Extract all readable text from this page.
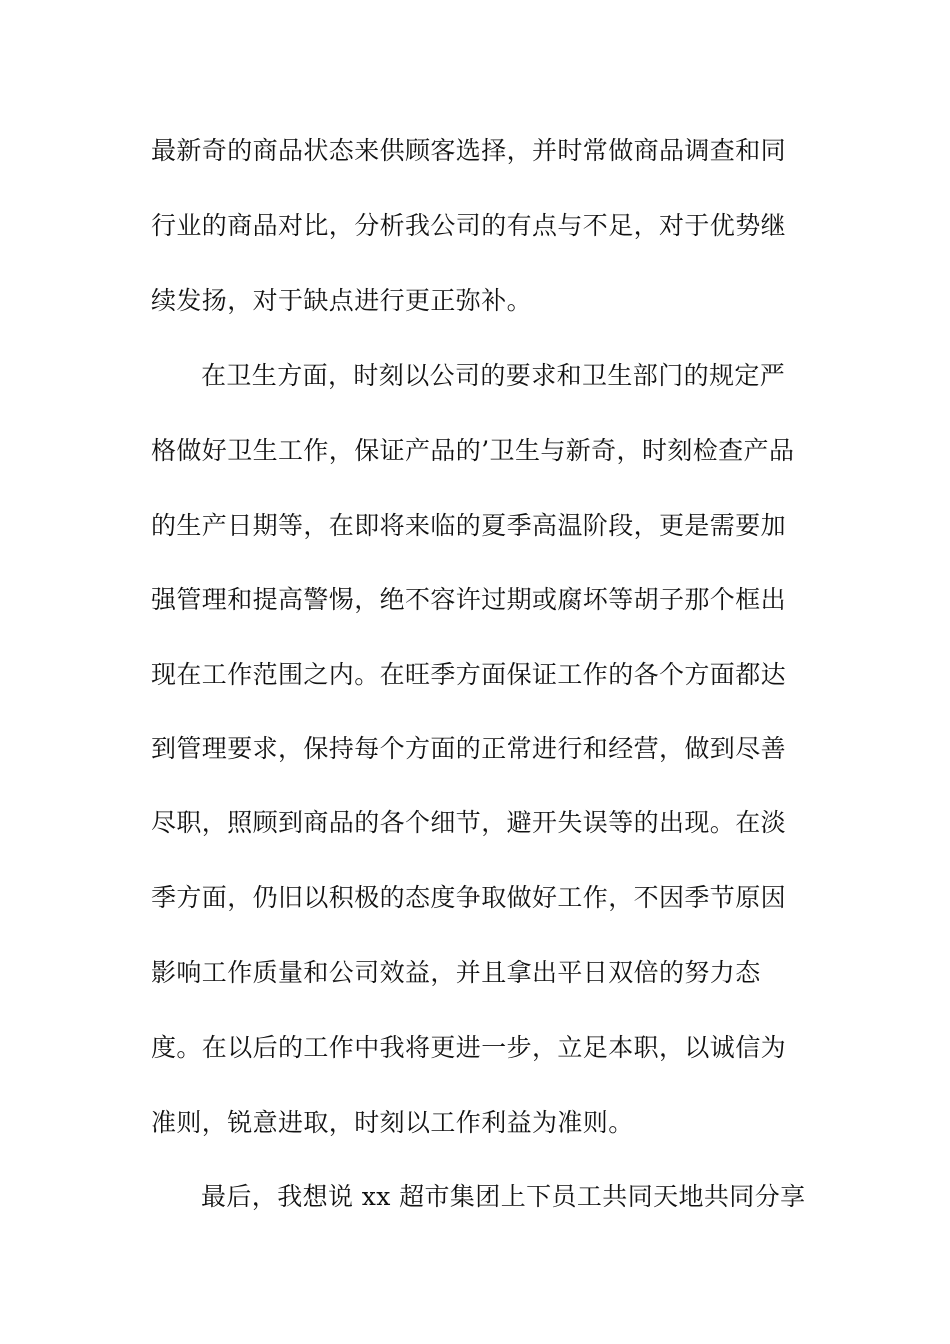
最新奇的商品状态来供顾客选择，并时常做商品调查和同
行业的商品对比，分析我公司的有点与不足，对于优势继
续发扬，对于缺点进行更正弥补。
在卫生方面，时刻以公司的要求和卫生部门的规定严
格做好卫生工作，保证产品的’卫生与新奇，时刻检查产品
的生产日期等，在即将来临的夏季高温阶段，更是需要加
强管理和提高警惕，绝不容许过期或腐坏等胡子那个框出
现在工作范围之内。在旺季方面保证工作的各个方面都达
到管理要求，保持每个方面的正常进行和经营，做到尽善
尽职，照顾到商品的各个细节，避开失误等的出现。在淡
季方面，仍旧以积极的态度争取做好工作，不因季节原因
影响工作质量和公司效益，并且拿出平日双倍的努力态
度。在以后的工作中我将更进一步，立足本职，以诚信为
准则，锐意进取，时刻以工作利益为准则。
最后，我想说 xx 超市集团上下员工共同天地共同分享
